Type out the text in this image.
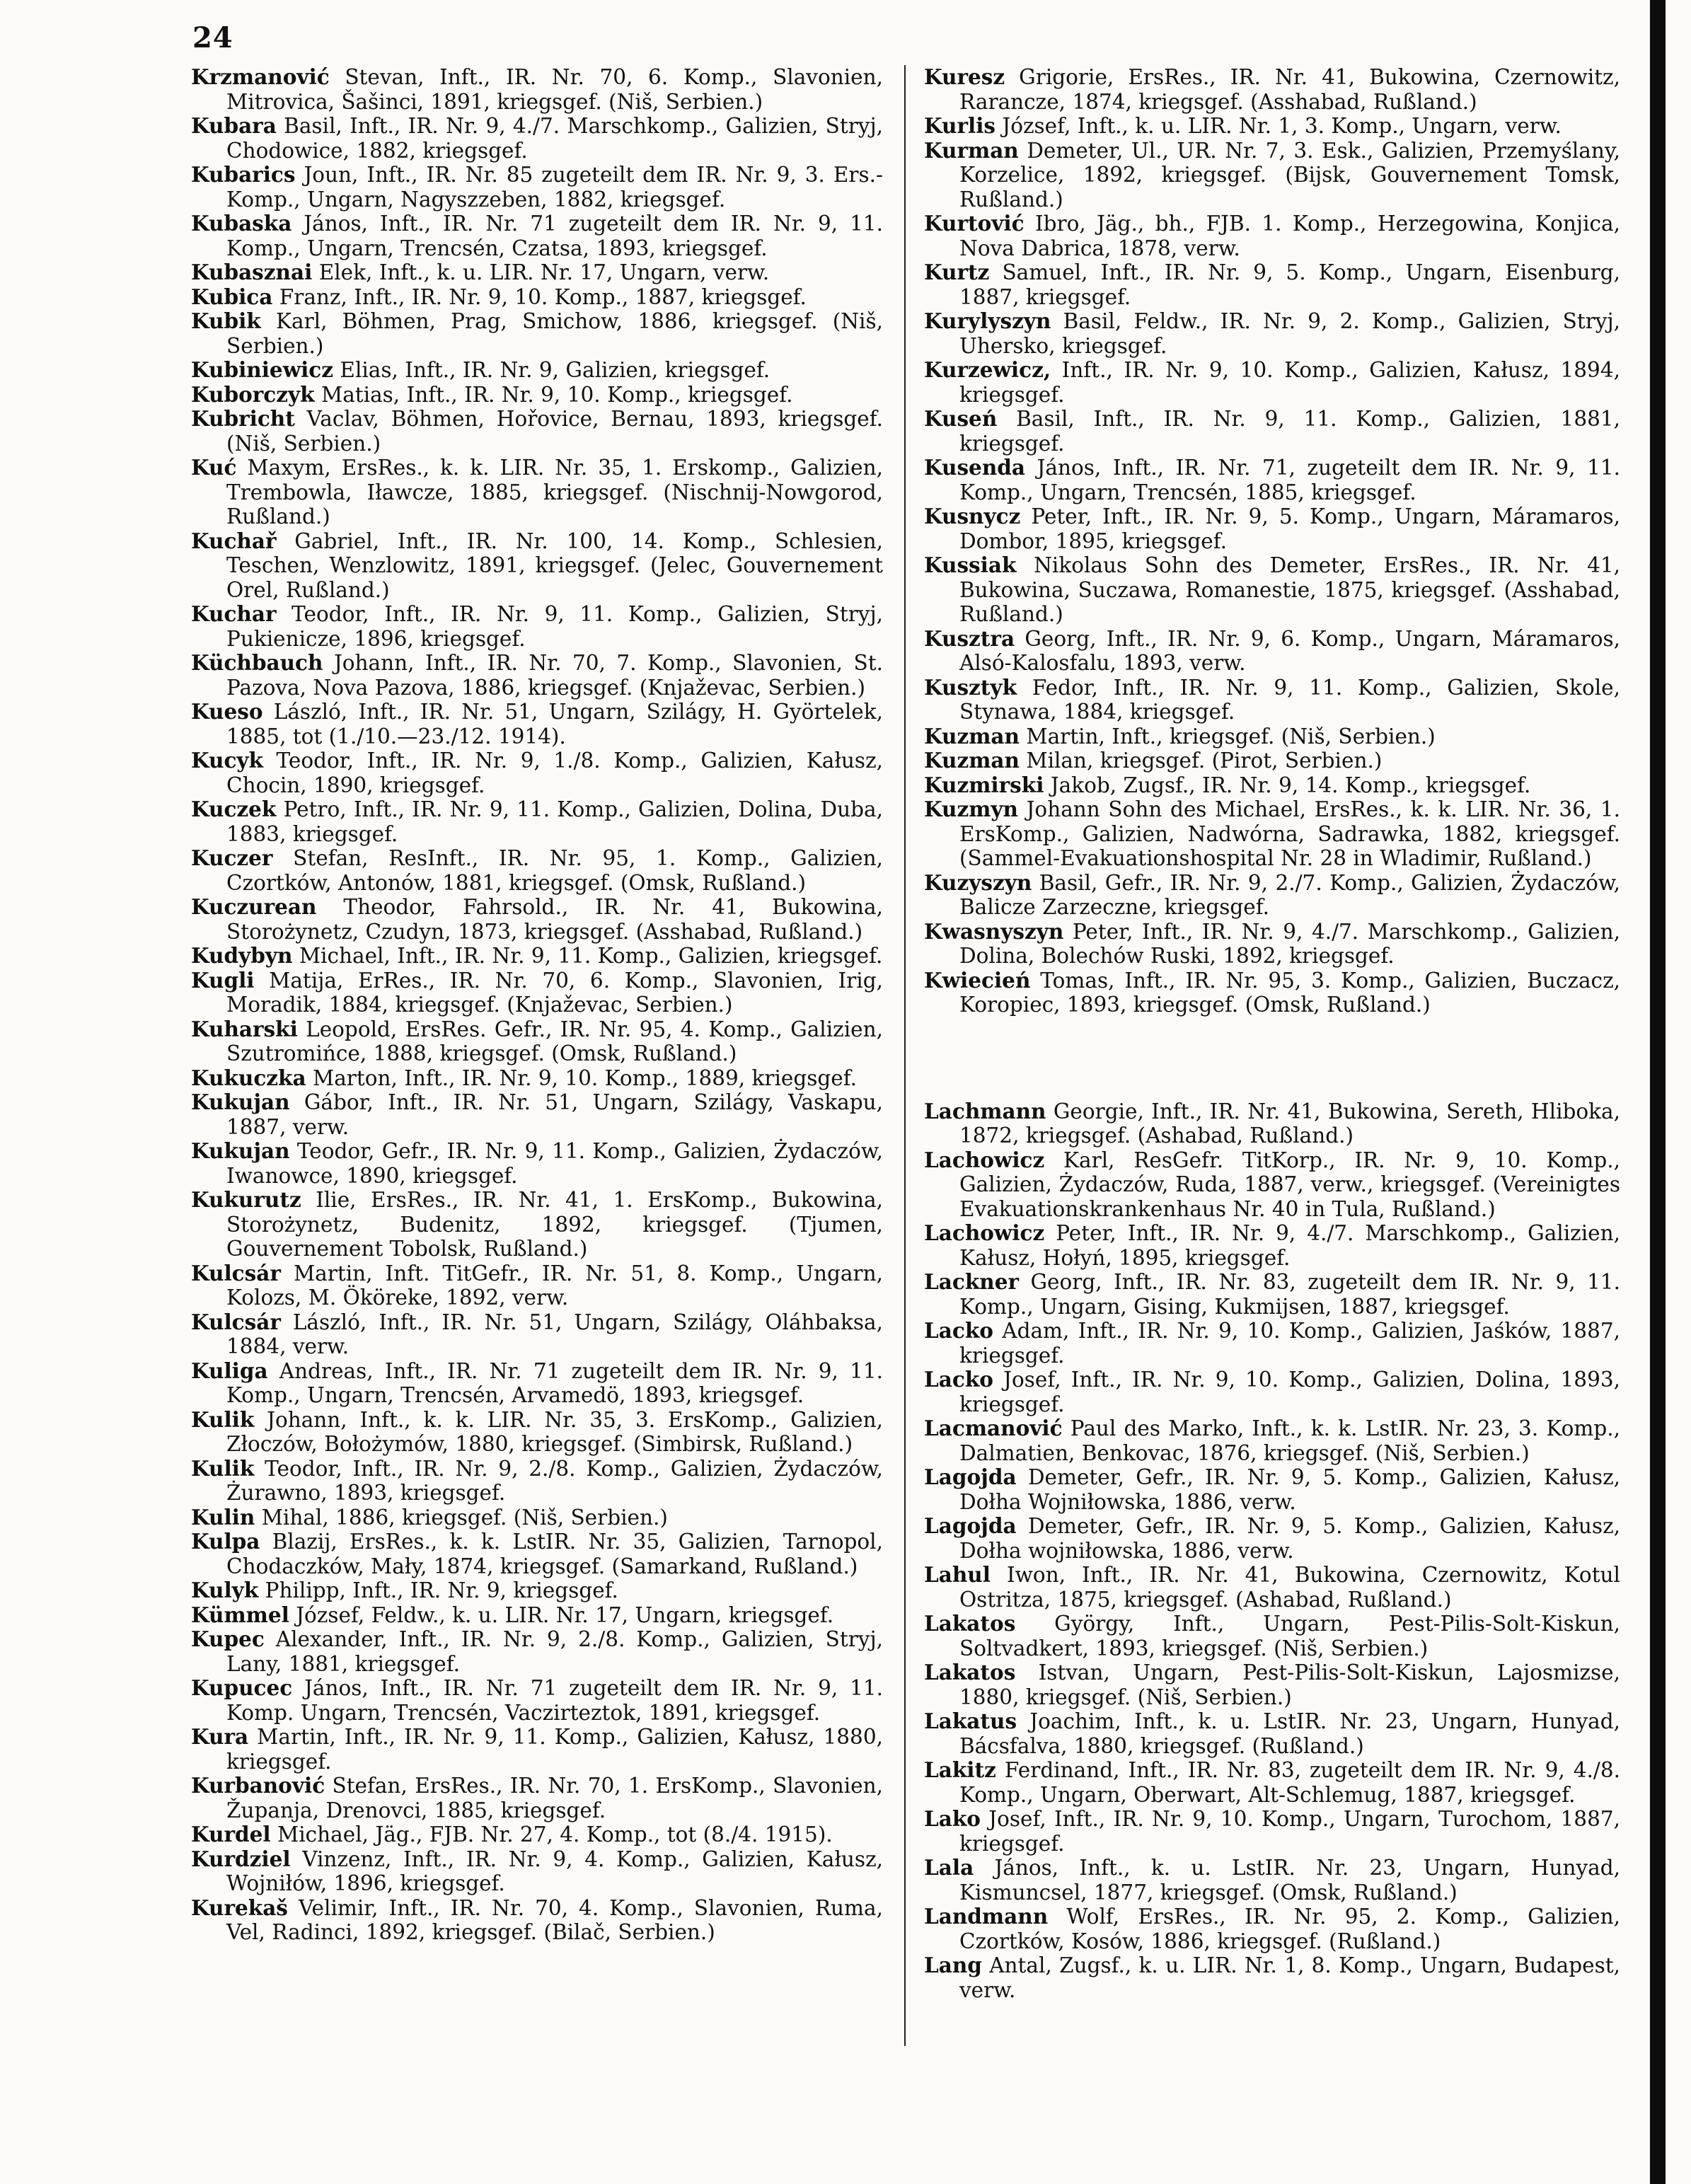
24

Krzmanović Stevan, Inft., IR. Nr. 70, 6. Komp., Slavonien, Mitrovica, Šašinci, 1891, kriegsgef. (Niš, Serbien.)

Kubara Basil, Inft., IR. Nr. 9, 4./7. Marschkomp., Galizien, Stryj, Chodowice, 1882, kriegsgef.

Kubarics Joun, Inft., IR. Nr. 85 zugeteilt dem IR. Nr. 9, 3. Ers.-Komp., Ungarn, Nagyszzeben, 1882, kriegsgef.

Kubaska János, Inft., IR. Nr. 71 zugeteilt dem IR. Nr. 9, 11. Komp., Ungarn, Trencsén, Czatsa, 1893, kriegsgef.

Kubasznai Elek, Inft., k. u. LIR. Nr. 17, Ungarn, verw.

Kubica Franz, Inft., IR. Nr. 9, 10. Komp., 1887, kriegsgef.

Kubik Karl, Böhmen, Prag, Smichow, 1886, kriegsgef. (Niš, Serbien.)

Kubiniewicz Elias, Inft., IR. Nr. 9, Galizien, kriegsgef.

Kuborczyk Matias, Inft., IR. Nr. 9, 10. Komp., kriegsgef.

Kubricht Vaclav, Böhmen, Hořovice, Bernau, 1893, kriegsgef. (Niš, Serbien.)

Kuć Maxym, ErsRes., k. k. LIR. Nr. 35, 1. Erskomp., Galizien, Trembowla, Iławcze, 1885, kriegsgef. (Nischnij-Nowgorod, Rußland.)

Kuchař Gabriel, Inft., IR. Nr. 100, 14. Komp., Schlesien, Teschen, Wenzlowitz, 1891, kriegsgef. (Jelec, Gouvernement Orel, Rußland.)

Kuchar Teodor, Inft., IR. Nr. 9, 11. Komp., Galizien, Stryj, Pukienicze, 1896, kriegsgef.

Küchbauch Johann, Inft., IR. Nr. 70, 7. Komp., Slavonien, St. Pazova, Nova Pazova, 1886, kriegsgef. (Knjaževac, Serbien.)

Kueso László, Inft., IR. Nr. 51, Ungarn, Szilágy, H. Györtelek, 1885, tot (1./10.—23./12. 1914).

Kucyk Teodor, Inft., IR. Nr. 9, 1./8. Komp., Galizien, Kałusz, Chocin, 1890, kriegsgef.

Kuczek Petro, Inft., IR. Nr. 9, 11. Komp., Galizien, Dolina, Duba, 1883, kriegsgef.

Kuczer Stefan, ResInft., IR. Nr. 95, 1. Komp., Galizien, Czortków, Antonów, 1881, kriegsgef. (Omsk, Rußland.)

Kuczurean Theodor, Fahrsold., IR. Nr. 41, Bukowina, Storożynetz, Czudyn, 1873, kriegsgef. (Asshabad, Rußland.)

Kudybyn Michael, Inft., IR. Nr. 9, 11. Komp., Galizien, kriegsgef.

Kugli Matija, ErRes., IR. Nr. 70, 6. Komp., Slavonien, Irig, Moradik, 1884, kriegsgef. (Knjaževac, Serbien.)

Kuharski Leopold, ErsRes. Gefr., IR. Nr. 95, 4. Komp., Galizien, Szutromińce, 1888, kriegsgef. (Omsk, Rußland.)

Kukuczka Marton, Inft., IR. Nr. 9, 10. Komp., 1889, kriegsgef.

Kukujan Gábor, Inft., IR. Nr. 51, Ungarn, Szilágy, Vaskapu, 1887, verw.

Kukujan Teodor, Gefr., IR. Nr. 9, 11. Komp., Galizien, Żydaczów, Iwanowce, 1890, kriegsgef.

Kukurutz Ilie, ErsRes., IR. Nr. 41, 1. ErsKomp., Bukowina, Storożynetz, Budenitz, 1892, kriegsgef. (Tjumen, Gouvernement Tobolsk, Rußland.)

Kulcsár Martin, Inft. TitGefr., IR. Nr. 51, 8. Komp., Ungarn, Kolozs, M. Ököreke, 1892, verw.

Kulcsár László, Inft., IR. Nr. 51, Ungarn, Szilágy, Oláhbaksa, 1884, verw.

Kuliga Andreas, Inft., IR. Nr. 71 zugeteilt dem IR. Nr. 9, 11. Komp., Ungarn, Trencsén, Arvamedö, 1893, kriegsgef.

Kulik Johann, Inft., k. k. LIR. Nr. 35, 3. ErsKomp., Galizien, Złoczów, Bołożymów, 1880, kriegsgef. (Simbirsk, Rußland.)

Kulik Teodor, Inft., IR. Nr. 9, 2./8. Komp., Galizien, Żydaczów, Żurawno, 1893, kriegsgef.

Kulin Mihal, 1886, kriegsgef. (Niš, Serbien.)

Kulpa Blazij, ErsRes., k. k. LstIR. Nr. 35, Galizien, Tarnopol, Chodaczków, Mały, 1874, kriegsgef. (Samarkand, Rußland.)

Kulyk Philipp, Inft., IR. Nr. 9, kriegsgef.

Kümmel József, Feldw., k. u. LIR. Nr. 17, Ungarn, kriegsgef.

Kupec Alexander, Inft., IR. Nr. 9, 2./8. Komp., Galizien, Stryj, Lany, 1881, kriegsgef.

Kupucec János, Inft., IR. Nr. 71 zugeteilt dem IR. Nr. 9, 11. Komp. Ungarn, Trencsén, Vaczirteztok, 1891, kriegsgef.

Kura Martin, Inft., IR. Nr. 9, 11. Komp., Galizien, Kałusz, 1880, kriegsgef.

Kurbanović Stefan, ErsRes., IR. Nr. 70, 1. ErsKomp., Slavonien, Županja, Drenovci, 1885, kriegsgef.

Kurdel Michael, Jäg., FJB. Nr. 27, 4. Komp., tot (8./4. 1915).

Kurdziel Vinzenz, Inft., IR. Nr. 9, 4. Komp., Galizien, Kałusz, Wojniłów, 1896, kriegsgef.

Kurekaš Velimir, Inft., IR. Nr. 70, 4. Komp., Slavonien, Ruma, Vel, Radinci, 1892, kriegsgef. (Bilač, Serbien.)

Kuresz Grigorie, ErsRes., IR. Nr. 41, Bukowina, Czernowitz, Rarancze, 1874, kriegsgef. (Asshabad, Rußland.)

Kurlis József, Inft., k. u. LIR. Nr. 1, 3. Komp., Ungarn, verw.

Kurman Demeter, Ul., UR. Nr. 7, 3. Esk., Galizien, Przemyślany, Korzelice, 1892, kriegsgef. (Bijsk, Gouvernement Tomsk, Rußland.)

Kurtović Ibro, Jäg., bh., FJB. 1. Komp., Herzegowina, Konjica, Nova Dabrica, 1878, verw.

Kurtz Samuel, Inft., IR. Nr. 9, 5. Komp., Ungarn, Eisenburg, 1887, kriegsgef.

Kurylyszyn Basil, Feldw., IR. Nr. 9, 2. Komp., Galizien, Stryj, Uhersko, kriegsgef.

Kurzewicz, Inft., IR. Nr. 9, 10. Komp., Galizien, Kałusz, 1894, kriegsgef.

Kuseń Basil, Inft., IR. Nr. 9, 11. Komp., Galizien, 1881, kriegsgef.

Kusenda János, Inft., IR. Nr. 71, zugeteilt dem IR. Nr. 9, 11. Komp., Ungarn, Trencsén, 1885, kriegsgef.

Kusnycz Peter, Inft., IR. Nr. 9, 5. Komp., Ungarn, Máramaros, Dombor, 1895, kriegsgef.

Kussiak Nikolaus Sohn des Demeter, ErsRes., IR. Nr. 41, Bukowina, Suczawa, Romanestie, 1875, kriegsgef. (Asshabad, Rußland.)

Kusztra Georg, Inft., IR. Nr. 9, 6. Komp., Ungarn, Máramaros, Alsó-Kalosfalu, 1893, verw.

Kusztyk Fedor, Inft., IR. Nr. 9, 11. Komp., Galizien, Skole, Stynawa, 1884, kriegsgef.

Kuzman Martin, Inft., kriegsgef. (Niš, Serbien.)

Kuzman Milan, kriegsgef. (Pirot, Serbien.)

Kuzmirski Jakob, Zugsf., IR. Nr. 9, 14. Komp., kriegsgef.

Kuzmyn Johann Sohn des Michael, ErsRes., k. k. LIR. Nr. 36, 1. ErsKomp., Galizien, Nadwórna, Sadrawka, 1882, kriegsgef. (Sammel-Evakuationshospital Nr. 28 in Wladimir, Rußland.)

Kuzyszyn Basil, Gefr., IR. Nr. 9, 2./7. Komp., Galizien, Żydaczów, Balicze Zarzeczne, kriegsgef.

Kwasnyszyn Peter, Inft., IR. Nr. 9, 4./7. Marschkomp., Galizien, Dolina, Bolechów Ruski, 1892, kriegsgef.

Kwiecień Tomas, Inft., IR. Nr. 95, 3. Komp., Galizien, Buczacz, Koropiec, 1893, kriegsgef. (Omsk, Rußland.)

Lachmann Georgie, Inft., IR. Nr. 41, Bukowina, Sereth, Hliboka, 1872, kriegsgef. (Ashabad, Rußland.)

Lachowicz Karl, ResGefr. TitKorp., IR. Nr. 9, 10. Komp., Galizien, Żydaczów, Ruda, 1887, verw., kriegsgef. (Vereinigtes Evakuationskrankenhaus Nr. 40 in Tula, Rußland.)

Lachowicz Peter, Inft., IR. Nr. 9, 4./7. Marschkomp., Galizien, Kałusz, Hołyń, 1895, kriegsgef.

Lackner Georg, Inft., IR. Nr. 83, zugeteilt dem IR. Nr. 9, 11. Komp., Ungarn, Gising, Kukmijsen, 1887, kriegsgef.

Lacko Adam, Inft., IR. Nr. 9, 10. Komp., Galizien, Jaśków, 1887, kriegsgef.

Lacko Josef, Inft., IR. Nr. 9, 10. Komp., Galizien, Dolina, 1893, kriegsgef.

Lacmanović Paul des Marko, Inft., k. k. LstIR. Nr. 23, 3. Komp., Dalmatien, Benkovac, 1876, kriegsgef. (Niš, Serbien.)

Lagojda Demeter, Gefr., IR. Nr. 9, 5. Komp., Galizien, Kałusz, Dołha Wojniłowska, 1886, verw.

Lagojda Demeter, Gefr., IR. Nr. 9, 5. Komp., Galizien, Kałusz, Dołha wojniłowska, 1886, verw.

Lahul Iwon, Inft., IR. Nr. 41, Bukowina, Czernowitz, Kotul Ostritza, 1875, kriegsgef. (Ashabad, Rußland.)

Lakatos György, Inft., Ungarn, Pest-Pilis-Solt-Kiskun, Soltvadkert, 1893, kriegsgef. (Niš, Serbien.)

Lakatos Istvan, Ungarn, Pest-Pilis-Solt-Kiskun, Lajosmizse, 1880, kriegsgef. (Niš, Serbien.)

Lakatus Joachim, Inft., k. u. LstIR. Nr. 23, Ungarn, Hunyad, Bácsfalva, 1880, kriegsgef. (Rußland.)

Lakitz Ferdinand, Inft., IR. Nr. 83, zugeteilt dem IR. Nr. 9, 4./8. Komp., Ungarn, Oberwart, Alt-Schlemug, 1887, kriegsgef.

Lako Josef, Inft., IR. Nr. 9, 10. Komp., Ungarn, Turochom, 1887, kriegsgef.

Lala János, Inft., k. u. LstIR. Nr. 23, Ungarn, Hunyad, Kismuncsel, 1877, kriegsgef. (Omsk, Rußland.)

Landmann Wolf, ErsRes., IR. Nr. 95, 2. Komp., Galizien, Czortków, Kosów, 1886, kriegsgef. (Rußland.)

Lang Antal, Zugsf., k. u. LIR. Nr. 1, 8. Komp., Ungarn, Budapest, verw.
